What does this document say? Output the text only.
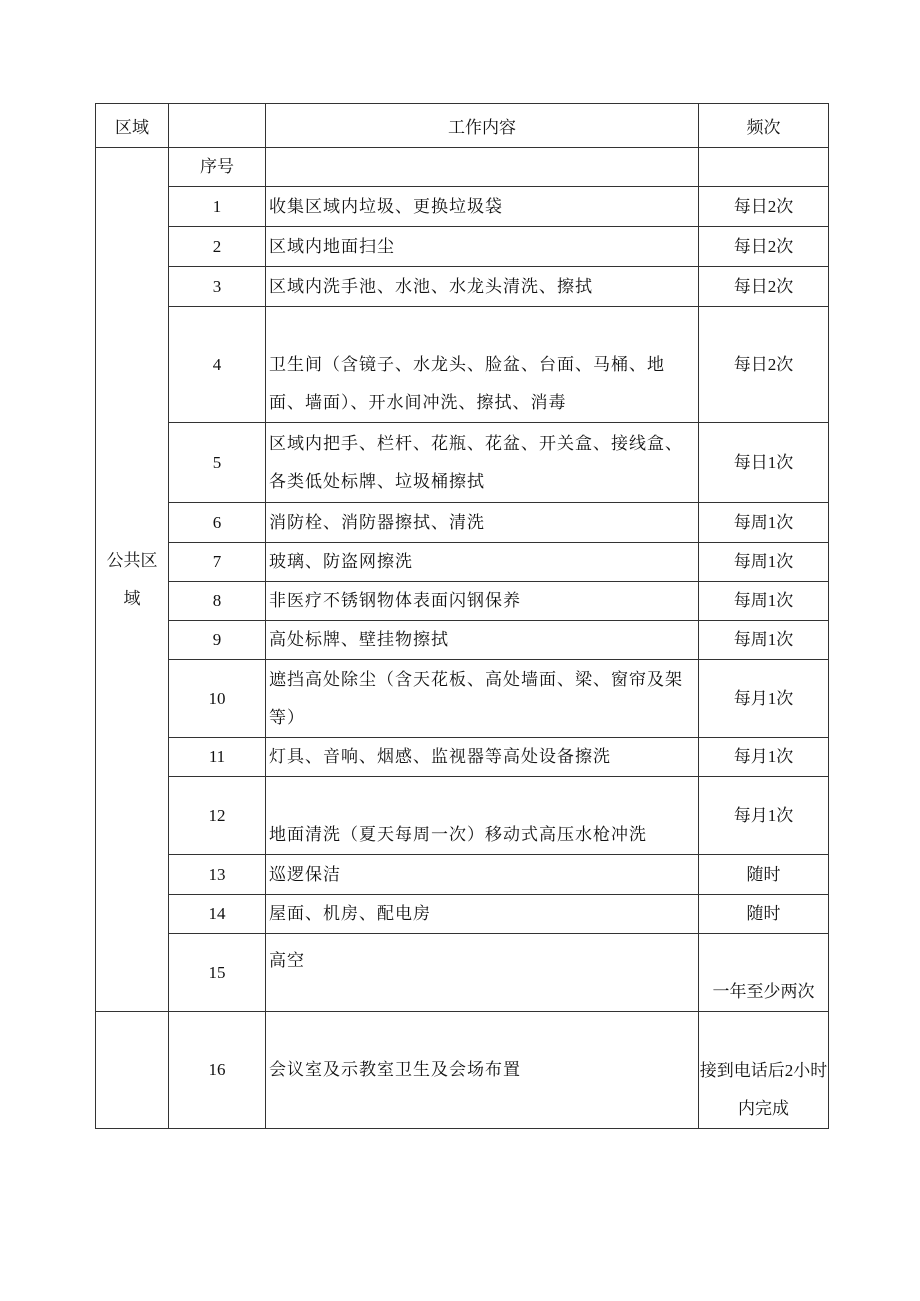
区域		工作内容	频次

公共区域	序号		
	1	收集区域内垃圾、更换垃圾袋	每日2次
	2	区域内地面扫尘	每日2次
	3	区域内洗手池、水池、水龙头清洗、擦拭	每日2次
	4	卫生间（含镜子、水龙头、脸盆、台面、马桶、地面、墙面）、开水间冲洗、擦拭、消毒	每日2次
	5	区域内把手、栏杆、花瓶、花盆、开关盒、接线盒、各类低处标牌、垃圾桶擦拭	每日1次
	6	消防栓、消防器擦拭、清洗	每周1次
	7	玻璃、防盗网擦洗	每周1次
	8	非医疗不锈钢物体表面闪钢保养	每周1次
	9	高处标牌、壁挂物擦拭	每周1次
	10	遮挡高处除尘（含天花板、高处墙面、梁、窗帘及架等）	每月1次
	11	灯具、音响、烟感、监视器等高处设备擦洗	每月1次
	12	地面清洗（夏天每周一次）移动式高压水枪冲洗	每月1次
	13	巡逻保洁	随时
	14	屋面、机房、配电房	随时
	15	高空	一年至少两次
	16	会议室及示教室卫生及会场布置	接到电话后2小时内完成
